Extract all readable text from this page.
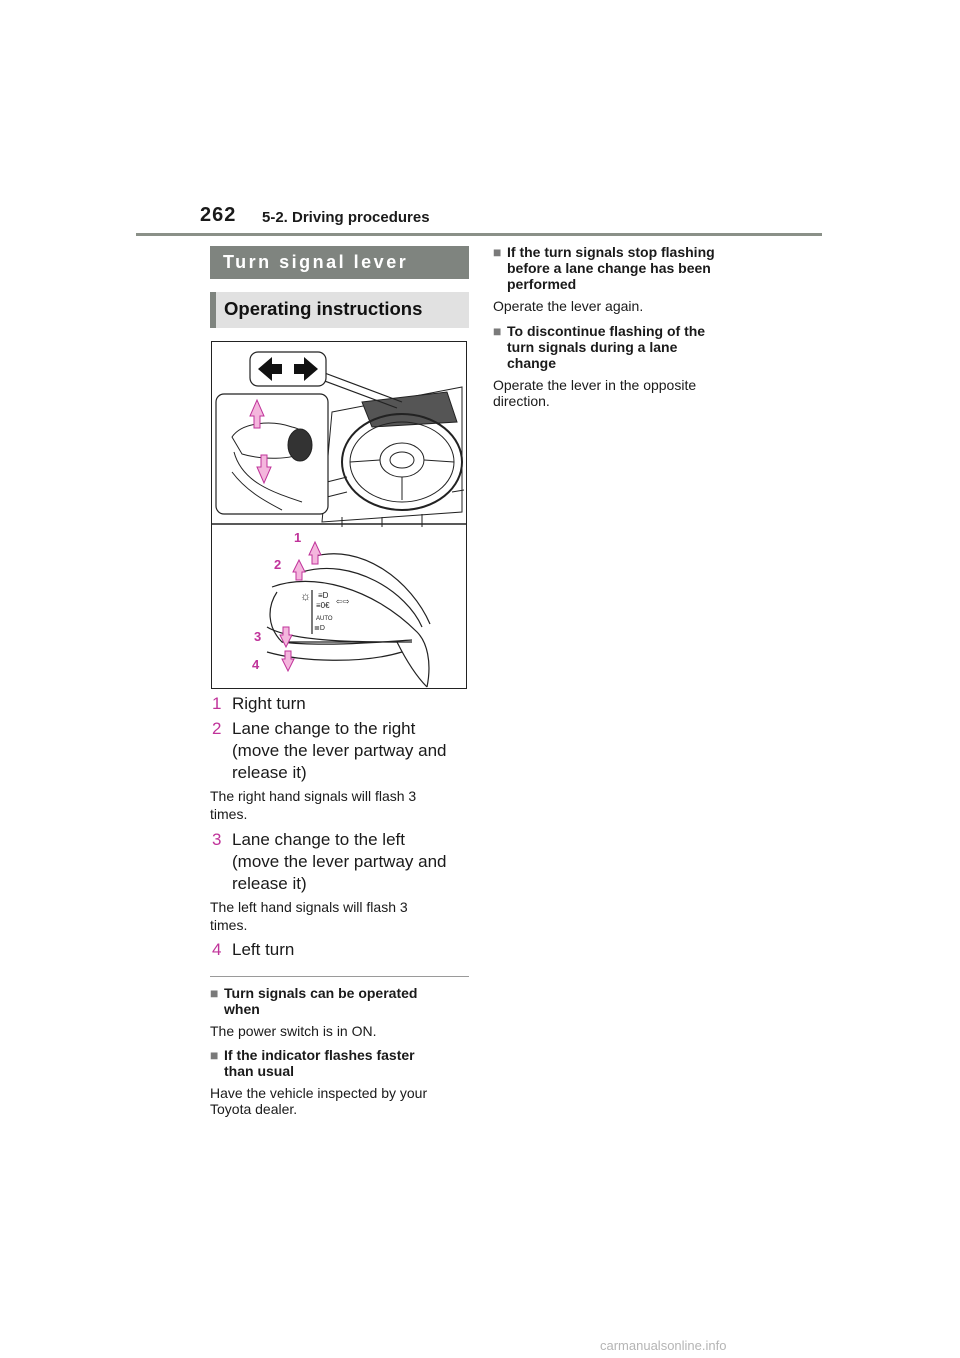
262 5-2. Driving procedures
Turn signal lever
Operating instructions
☼ ≡D
≡0€ ⇦⇨
AUTO
≣D
1
2
3
4
1 Right turn
2 Lane change to the right
(move the lever partway and
release it)
The right hand signals will flash 3
times.
3 Lane change to the left
(move the lever partway and
release it)
The left hand signals will flash 3
times.
4 Left turn
■ Turn signals can be operated
when
The power switch is in ON.
■ If the indicator flashes faster
than usual
Have the vehicle inspected by your
Toyota dealer.
■ If the turn signals stop flashing
before a lane change has been
performed
Operate the lever again.
■ To discontinue flashing of the
turn signals during a lane
change
Operate the lever in the opposite
direction.
carmanualsonline.info
